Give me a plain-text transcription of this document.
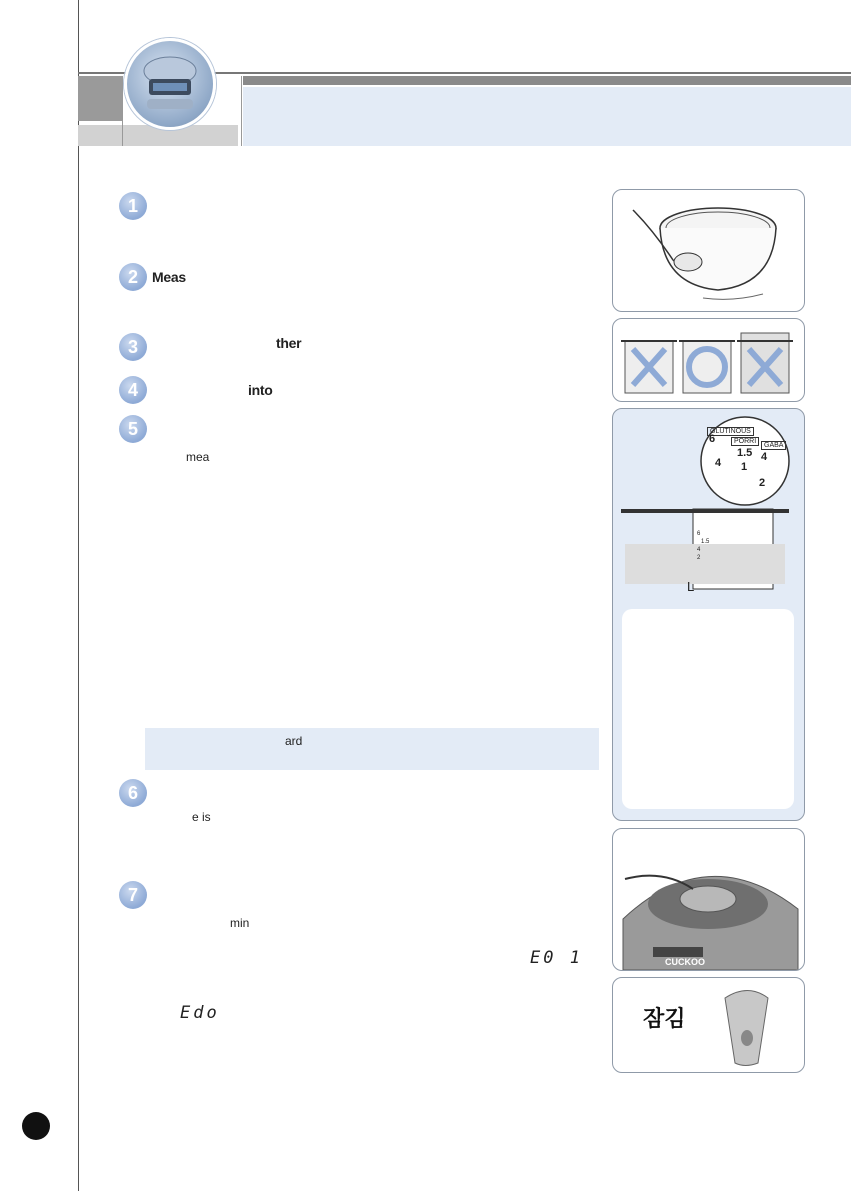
1
2	Meas
3	ther
4	into
5
mea
ard
6
e is
7
min
E0 1
Edo
GLUTINOUS
PORRI
GABA
6
1.5
4	4
1
2
6
1.5
4
2
L
CUCKOO
잠김
